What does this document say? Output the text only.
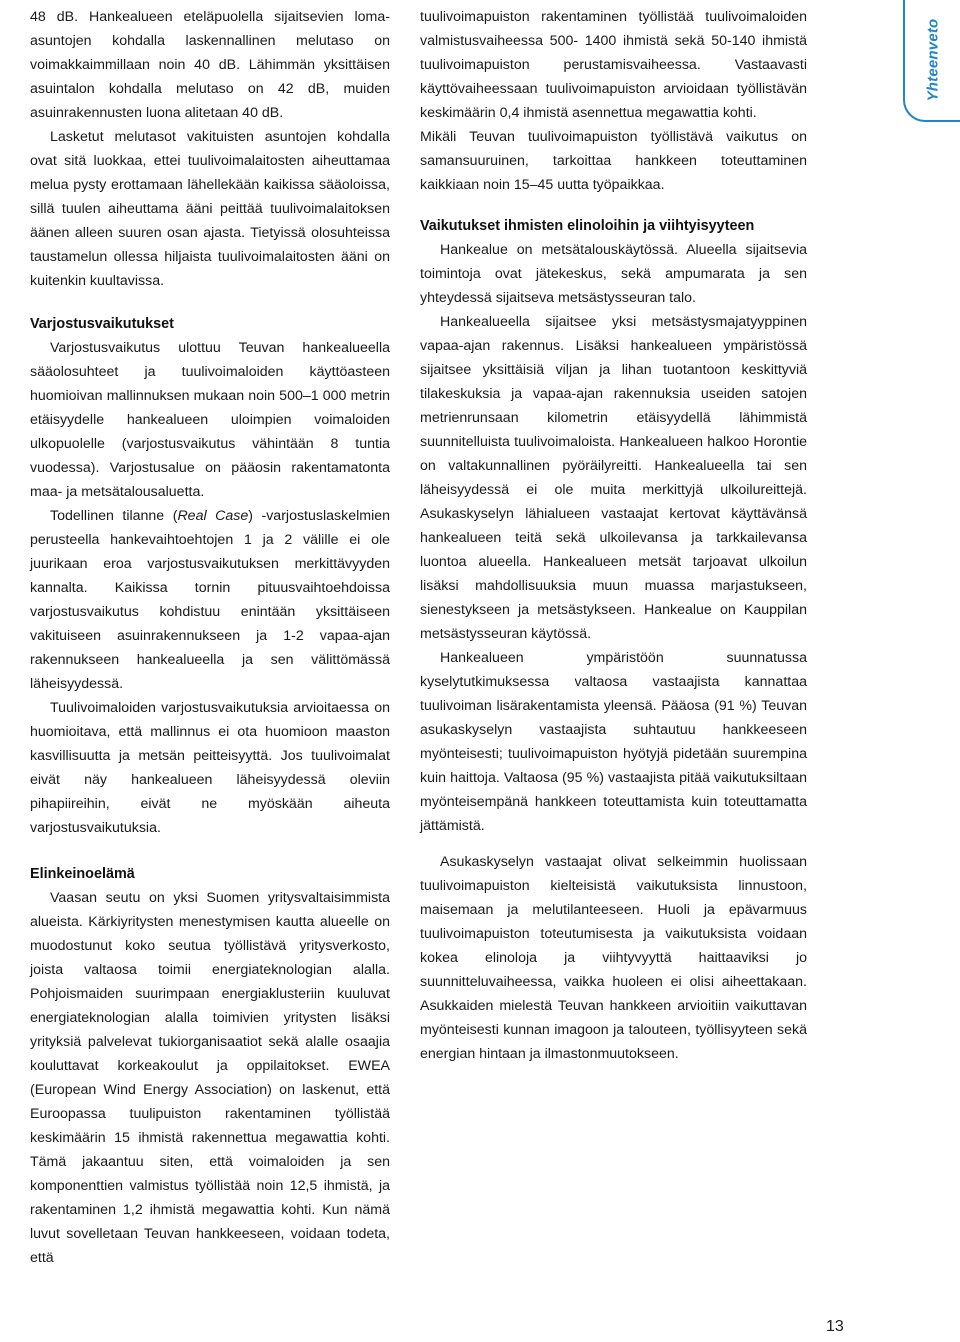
48 dB. Hankealueen eteläpuolella sijaitsevien loma-asuntojen kohdalla laskennallinen melutaso on voimakkaimmillaan noin 40 dB. Lähimmän yksittäisen asuintalon kohdalla melutaso on 42 dB, muiden asuinrakennusten luona alitetaan 40 dB.

Lasketut melutasot vakituisten asuntojen kohdalla ovat sitä luokkaa, ettei tuulivoimalaitosten aiheuttamaa melua pysty erottamaan lähellekään kaikissa sääoloissa, sillä tuulen aiheuttama ääni peittää tuulivoimalaitoksen äänen alleen suuren osan ajasta. Tietyissä olosuhteissa taustamelun ollessa hiljaista tuulivoimalaitosten ääni on kuitenkin kuultavissa.

Varjostusvaikutukset

Varjostusvaikutus ulottuu Teuvan hankealueella sääolosuhteet ja tuulivoimaloiden käyttöasteen huomioivan mallinnuksen mukaan noin 500–1 000 metrin etäisyydelle hankealueen uloimpien voimaloiden ulkopuolelle (varjostusvaikutus vähintään 8 tuntia vuodessa). Varjostusalue on pääosin rakentamatonta maa- ja metsätalousaluetta.

Todellinen tilanne (Real Case) -varjostuslaskelmien perusteella hankevaihtoehtojen 1 ja 2 välille ei ole juurikaan eroa varjostusvaikutuksen merkittävyyden kannalta. Kaikissa tornin pituusvaihtoehdoissa varjostusvaikutus kohdistuu enintään yksittäiseen vakituiseen asuinrakennukseen ja 1-2 vapaa-ajan rakennukseen hankealueella ja sen välittömässä läheisyydessä.

Tuulivoimaloiden varjostusvaikutuksia arvioitaessa on huomioitava, että mallinnus ei ota huomioon maaston kasvillisuutta ja metsän peitteisyyttä. Jos tuulivoimalat eivät näy hankealueen läheisyydessä oleviin pihapiireihin, eivät ne myöskään aiheuta varjostusvaikutuksia.

Elinkeinoelämä

Vaasan seutu on yksi Suomen yritysvaltaisimmista alueista. Kärkiyritysten menestymisen kautta alueelle on muodostunut koko seutua työllistävä yritysverkosto, joista valtaosa toimii energiateknologian alalla. Pohjoismaiden suurimpaan energiaklusteriin kuuluvat energiateknologian alalla toimivien yritysten lisäksi yrityksiä palvelevat tukiorganisaatiot sekä alalle osaajia kouluttavat korkeakoulut ja oppilaitokset. EWEA (European Wind Energy Association) on laskenut, että Euroopassa tuulipuiston rakentaminen työllistää keskimäärin 15 ihmistä rakennettua megawattia kohti. Tämä jakaantuu siten, että voimaloiden ja sen komponenttien valmistus työllistää noin 12,5 ihmistä, ja rakentaminen 1,2 ihmistä megawattia kohti. Kun nämä luvut sovelletaan Teuvan hankkeeseen, voidaan todeta, että

tuulivoimapuiston rakentaminen työllistää tuulivoimaloiden valmistusvaiheessa 500- 1400 ihmistä sekä 50-140 ihmistä tuulivoimapuiston perustamisvaiheessa. Vastaavasti käyttövaiheessaan tuulivoimapuiston arvioidaan työllistävän keskimäärin 0,4 ihmistä asennettua megawattia kohti.

Mikäli Teuvan tuulivoimapuiston työllistävä vaikutus on samansuuruinen, tarkoittaa hankkeen toteuttaminen kaikkiaan noin 15–45 uutta työpaikkaa.

Vaikutukset ihmisten elinoloihin ja viihtyisyyteen

Hankealue on metsätalouskäytössä. Alueella sijaitsevia toimintoja ovat jätekeskus, sekä ampumarata ja sen yhteydessä sijaitseva metsästysseuran talo.

Hankealueella sijaitsee yksi metsästysmajatyyppinen vapaa-ajan rakennus. Lisäksi hankealueen ympäristössä sijaitsee yksittäisiä viljan ja lihan tuotantoon keskittyviä tilakeskuksia ja vapaa-ajan rakennuksia useiden satojen metrienrunsaan kilometrin etäisyydellä lähimmistä suunnitelluista tuulivoimaloista. Hankealueen halkoo Horontie on valtakunnallinen pyöräilyreitti. Hankealueella tai sen läheisyydessä ei ole muita merkittyjä ulkoilureittejä. Asukaskyselyn lähialueen vastaajat kertovat käyttävänsä hankealueen teitä sekä ulkoilevansa ja tarkkailevansa luontoa alueella. Hankealueen metsät tarjoavat ulkoilun lisäksi mahdollisuuksia muun muassa marjastukseen, sienestykseen ja metsästykseen. Hankealue on Kauppilan metsästysseuran käytössä.

Hankealueen ympäristöön suunnatussa kyselytutkimuksessa valtaosa vastaajista kannattaa tuulivoiman lisärakentamista yleensä. Pääosa (91 %) Teuvan asukaskyselyn vastaajista suhtautuu hankkeeseen myönteisesti; tuulivoimapuiston hyötyjä pidetään suurempina kuin haittoja. Valtaosa (95 %) vastaajista pitää vaikutuksiltaan myönteisempänä hankkeen toteuttamista kuin toteuttamatta jättämistä.

Asukaskyselyn vastaajat olivat selkeimmin huolissaan tuulivoimapuiston kielteisistä vaikutuksista linnustoon, maisemaan ja melutilanteeseen. Huoli ja epävarmuus tuulivoimapuiston toteutumisesta ja vaikutuksista voidaan kokea elinoloja ja viihtyvyyttä haittaaviksi jo suunnitteluvaiheessa, vaikka huoleen ei olisi aiheettakaan. Asukkaiden mielestä Teuvan hankkeen arvioitiin vaikuttavan myönteisesti kunnan imagoon ja talouteen, työllisyyteen sekä energian hintaan ja ilmastonmuutokseen.

Yhteenveto
13
